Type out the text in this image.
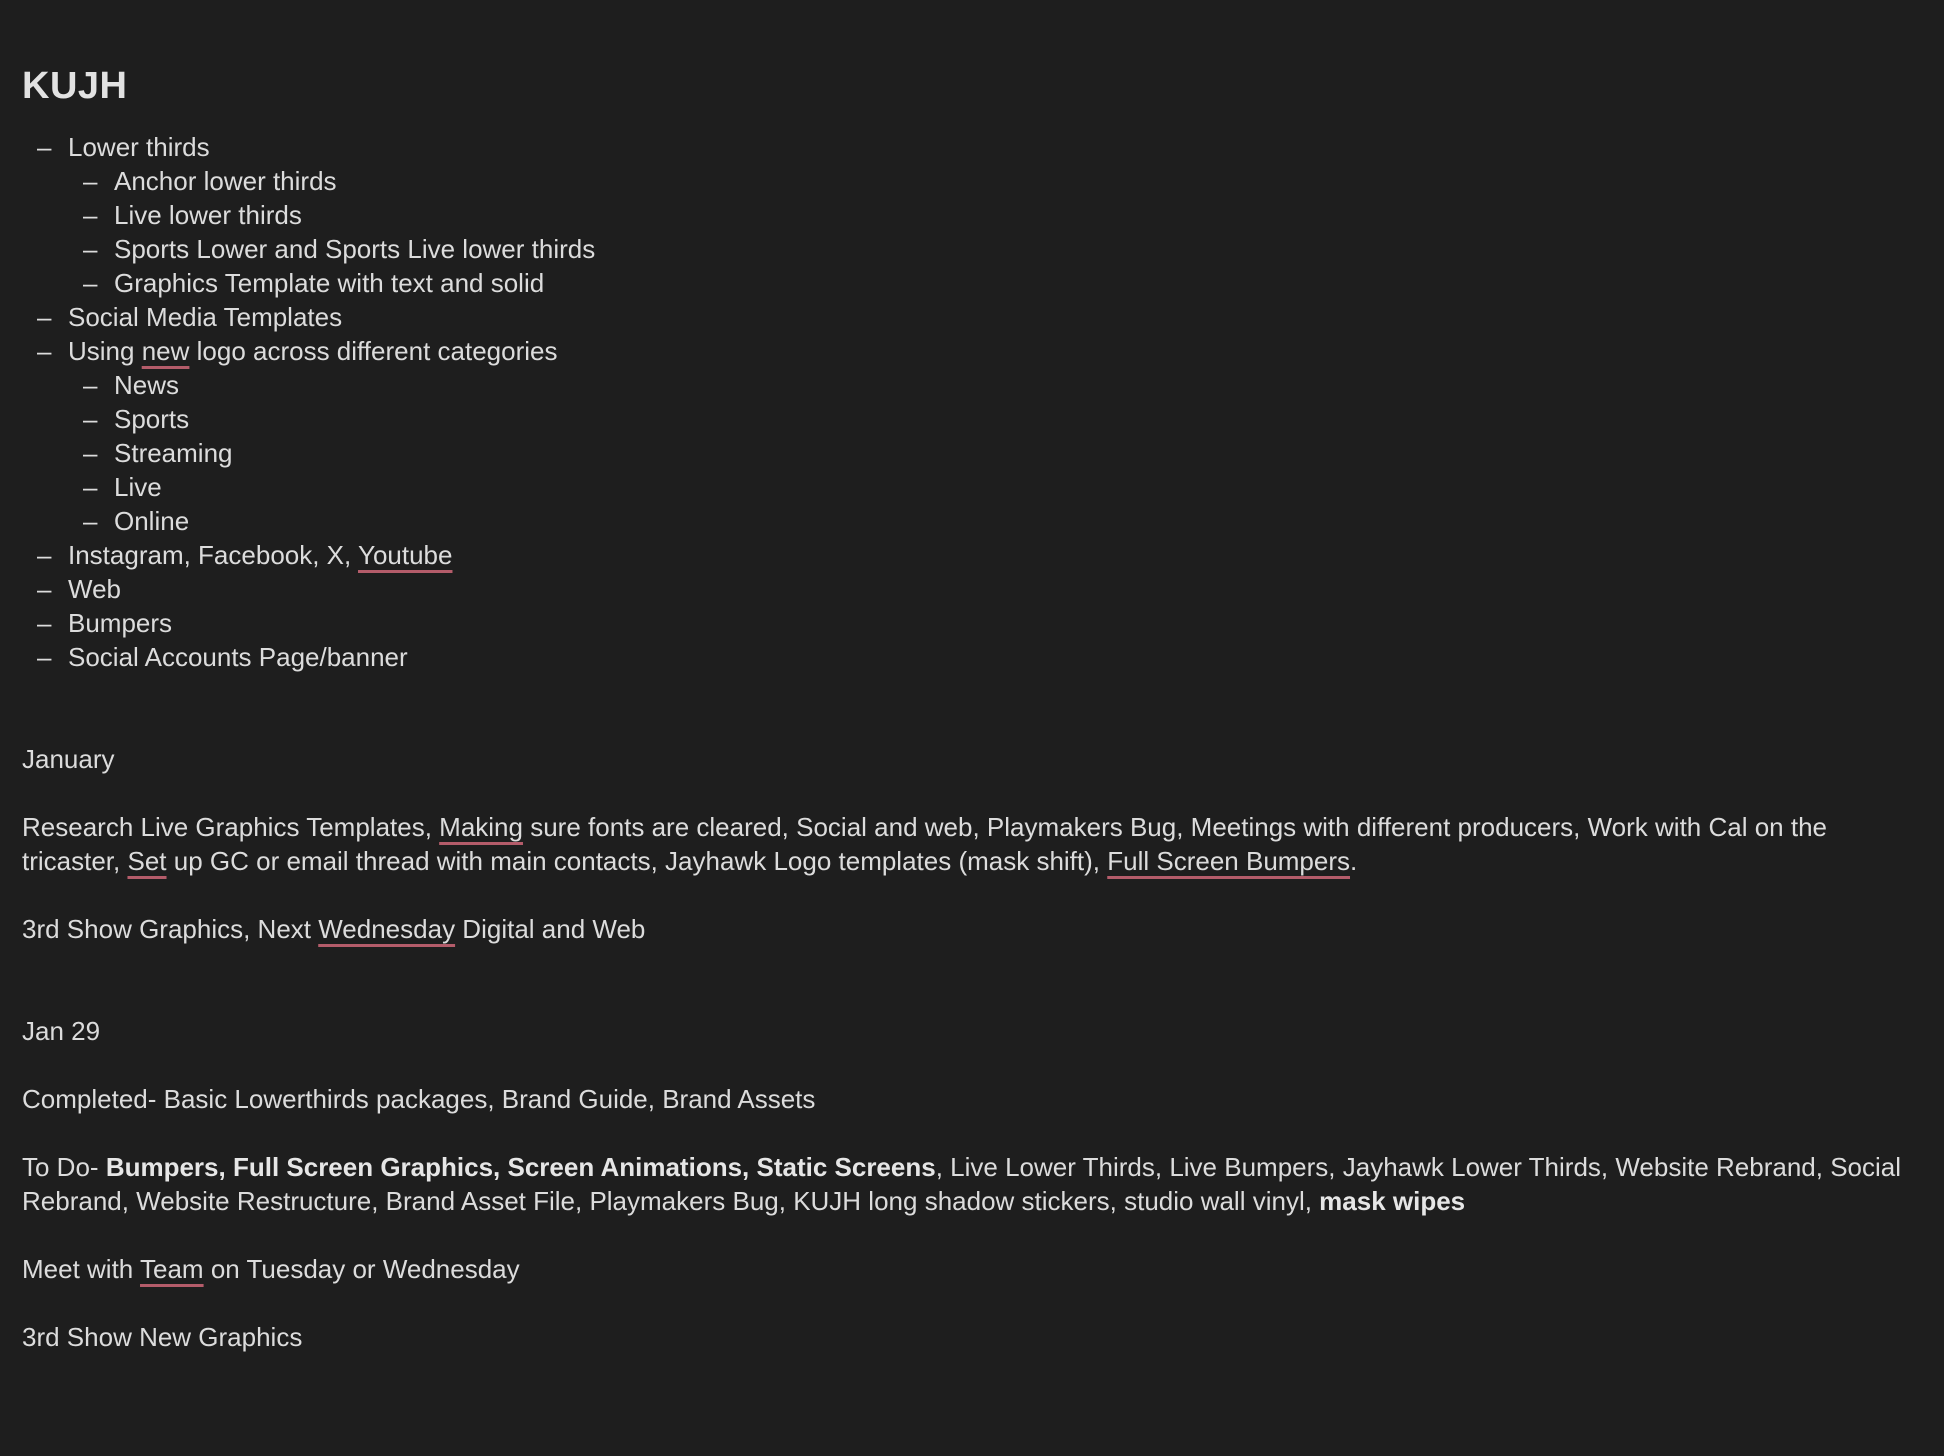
KUJH
– Lower thirds
– Anchor lower thirds
– Live lower thirds
– Sports Lower and Sports Live lower thirds
– Graphics Template with text and solid
– Social Media Templates
– Using new logo across different categories
– News
– Sports
– Streaming
– Live
– Online
– Instagram, Facebook, X, Youtube
– Web
– Bumpers
– Social Accounts Page/banner

January

Research Live Graphics Templates, Making sure fonts are cleared, Social and web, Playmakers Bug, Meetings with different producers, Work with Cal on the tricaster, Set up GC or email thread with main contacts, Jayhawk Logo templates (mask shift), Full Screen Bumpers.

3rd Show Graphics, Next Wednesday Digital and Web

Jan 29

Completed- Basic Lowerthirds packages, Brand Guide, Brand Assets

To Do- Bumpers, Full Screen Graphics, Screen Animations, Static Screens, Live Lower Thirds, Live Bumpers, Jayhawk Lower Thirds, Website Rebrand, Social Rebrand, Website Restructure, Brand Asset File, Playmakers Bug, KUJH long shadow stickers, studio wall vinyl, mask wipes

Meet with Team on Tuesday or Wednesday

3rd Show New Graphics
